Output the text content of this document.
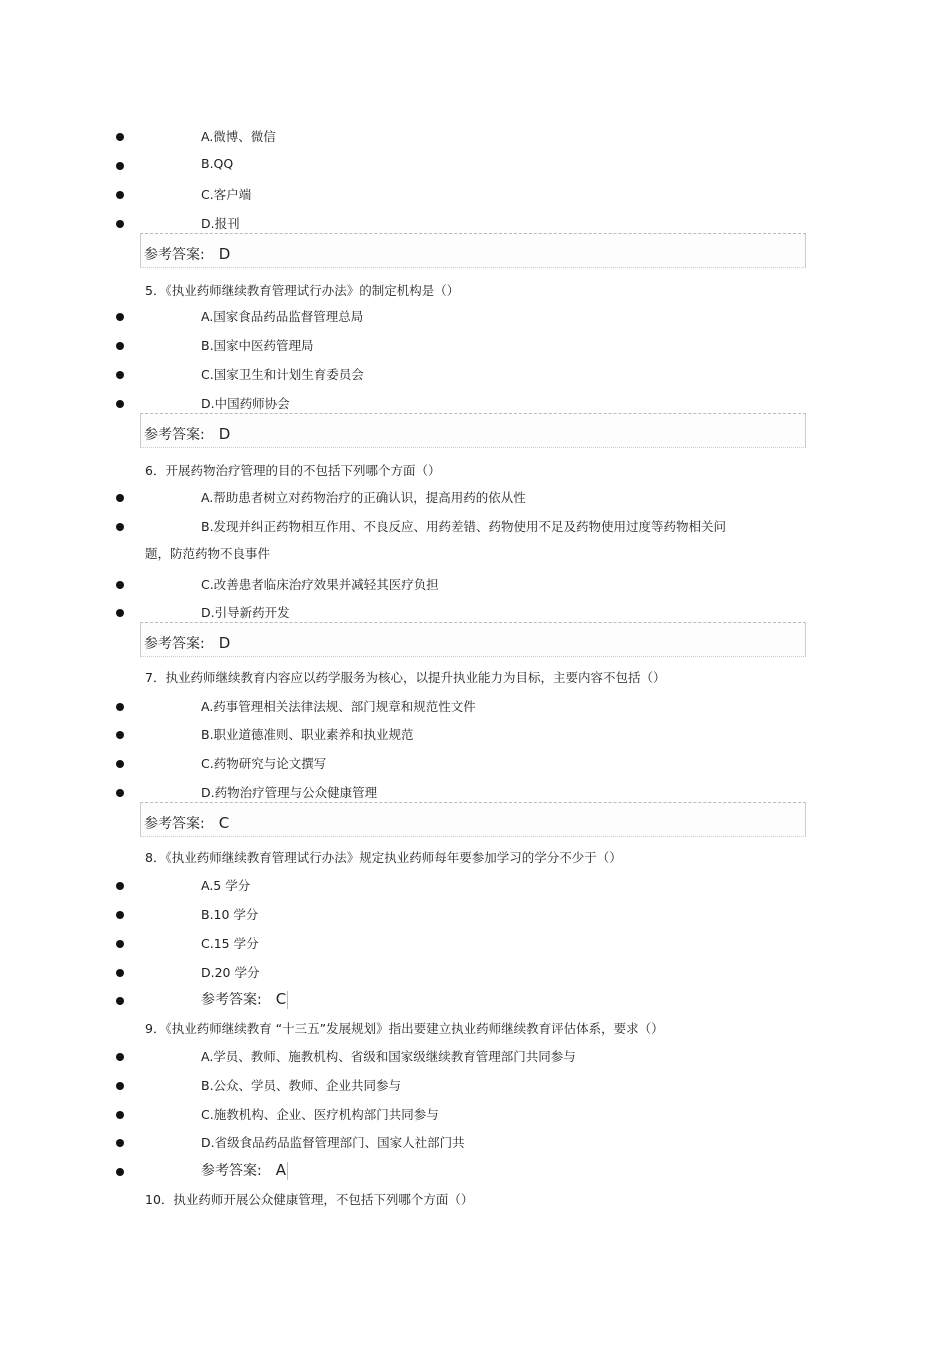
A.微博、微信
B.QQ
C.客户端
D.报刊
参考答案: D
5．《执业药师继续教育管理试行办法》的制定机构是（）
A.国家食品药品监督管理总局
B.国家中医药管理局
C.国家卫生和计划生育委员会
D.中国药师协会
参考答案: D
6．开展药物治疗管理的目的不包括下列哪个方面（）
A.帮助患者树立对药物治疗的正确认识，提高用药的依从性
B.发现并纠正药物相互作用、不良反应、用药差错、药物使用不足及药物使用过度等药物相关问
题，防范药物不良事件
C.改善患者临床治疗效果并减轻其医疗负担
D.引导新药开发
参考答案: D
7．执业药师继续教育内容应以药学服务为核心，以提升执业能力为目标，主要内容不包括（）
A.药事管理相关法律法规、部门规章和规范性文件
B.职业道德准则、职业素养和执业规范
C.药物研究与论文撰写
D.药物治疗管理与公众健康管理
参考答案: C
8．《执业药师继续教育管理试行办法》规定执业药师每年要参加学习的学分不少于（）
A.5 学分
B.10 学分
C.15 学分
D.20 学分
参考答案: C
9．《执业药师继续教育 “十三五”发展规划》指出要建立执业药师继续教育评估体系，要求（）
A.学员、教师、施教机构、省级和国家级继续教育管理部门共同参与
B.公众、学员、教师、企业共同参与
C.施教机构、企业、医疗机构部门共同参与
D.省级食品药品监督管理部门、国家人社部门共
参考答案: A
10．执业药师开展公众健康管理，不包括下列哪个方面（）
